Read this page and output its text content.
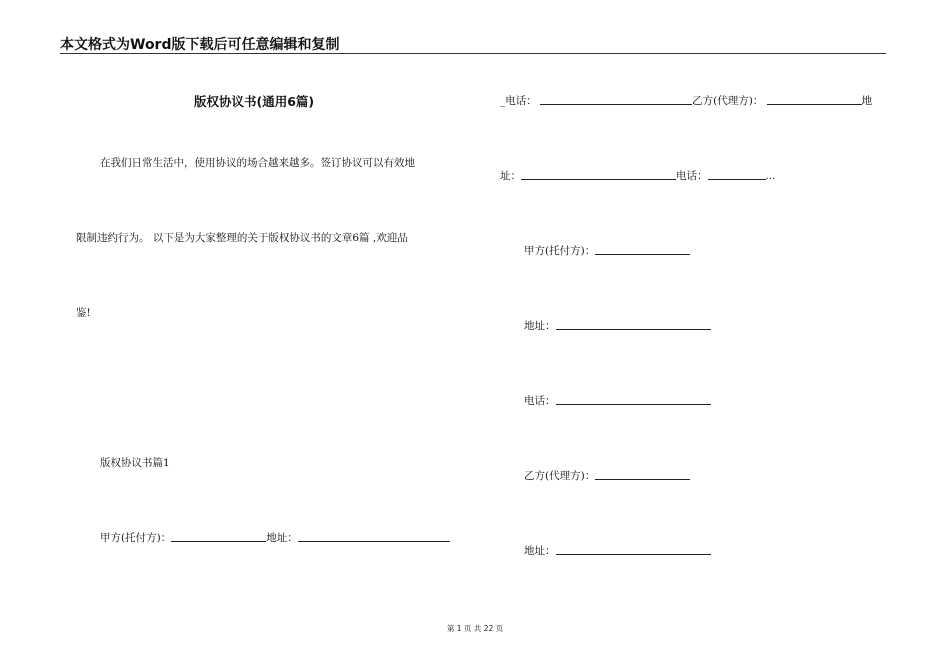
本文格式为Word版下载后可任意编辑和复制
版权协议书(通用6篇)
在我们日常生活中，使用协议的场合越来越多。签订协议可以有效地
限制违约行为。 以下是为大家整理的关于版权协议书的文章6篇 ,欢迎品
鉴!
版权协议书篇1
甲方(托付方)：	地址：
_电话：	乙方(代理方)：	地
址：	电话：	...
甲方(托付方)：
地址：
电话：
乙方(代理方)：
地址：
第 1 页 共 22 页
